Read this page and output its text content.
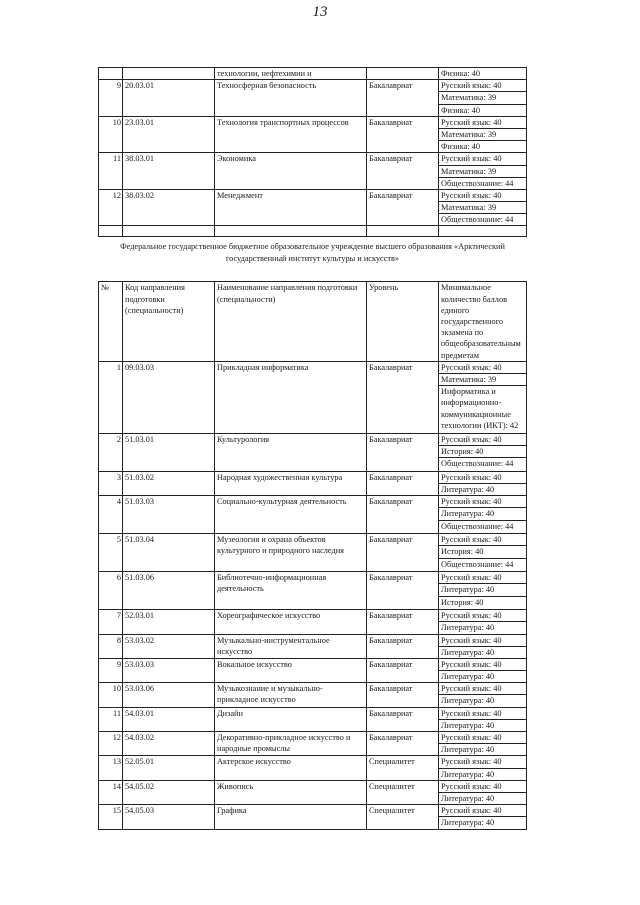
13
		технологии, нефтехимии и		Физика: 40

9	20.03.01	Техносферная безопасность	Бакалавриат	Русский язык: 40
Математика: 39
Физика: 40

10	23.03.01	Технология транспортных процессов	Бакалавриат	Русский язык: 40
Математика: 39
Физика: 40

11	38.03.01	Экономика	Бакалавриат	Русский язык: 40
Математика: 39
Обществознание: 44

12	38.03.02	Менеджмент	Бакалавриат	Русский язык: 40
Математика: 39
Обществознание: 44

Федеральное государственное бюджетное образовательное учреждение высшего образования «Арктический государственный институт культуры и искусств»				
№	Код направления подготовки (специальности)	Наименование направления подготовки (специальности)	Уровень	Минимальное количество баллов единого государственного экзамена по общеобразовательным предметам
1	09.03.03	Прикладная информатика	Бакалавриат	Русский язык: 40
Математика: 39
Информатика и информационно-коммуникационные технологии (ИКТ): 42

2	51.03.01	Культурология	Бакалавриат	Русский язык: 40
История: 40
Обществознание: 44

3	51.03.02	Народная художественная культура	Бакалавриат	Русский язык: 40
Литература: 40

4	51.03.03	Социально-культурная деятельность	Бакалавриат	Русский язык: 40
Литература: 40
Обществознание: 44

5	51.03.04	Музеология и охрана объектов культурного и природного наследия	Бакалавриат	Русский язык: 40
История: 40
Обществознание: 44

6	51.03.06	Библиотечно-информационная деятельность	Бакалавриат	Русский язык: 40
Литература: 40
История: 40

7	52.03.01	Хореографическое искусство	Бакалавриат	Русский язык: 40
Литература: 40

8	53.03.02	Музыкально-инструментальное искусство	Бакалавриат	Русский язык: 40
Литература: 40

9	53.03.03	Вокальное искусство	Бакалавриат	Русский язык: 40
Литература: 40

10	53.03.06	Музыкознание и музыкально-прикладное искусство	Бакалавриат	Русский язык: 40
Литература: 40

11	54.03.01	Дизайн	Бакалавриат	Русский язык: 40
Литература: 40

12	54.03.02	Декоративно-прикладное искусство и народные промыслы	Бакалавриат	Русский язык: 40
Литература: 40

13	52.05.01	Актерское искусство	Специалитет	Русский язык: 40
Литература: 40

14	54.05.02	Живопись	Специалитет	Русский язык: 40
Литература: 40

15	54.05.03	Графика	Специалитет	Русский язык: 40
Литература: 40
